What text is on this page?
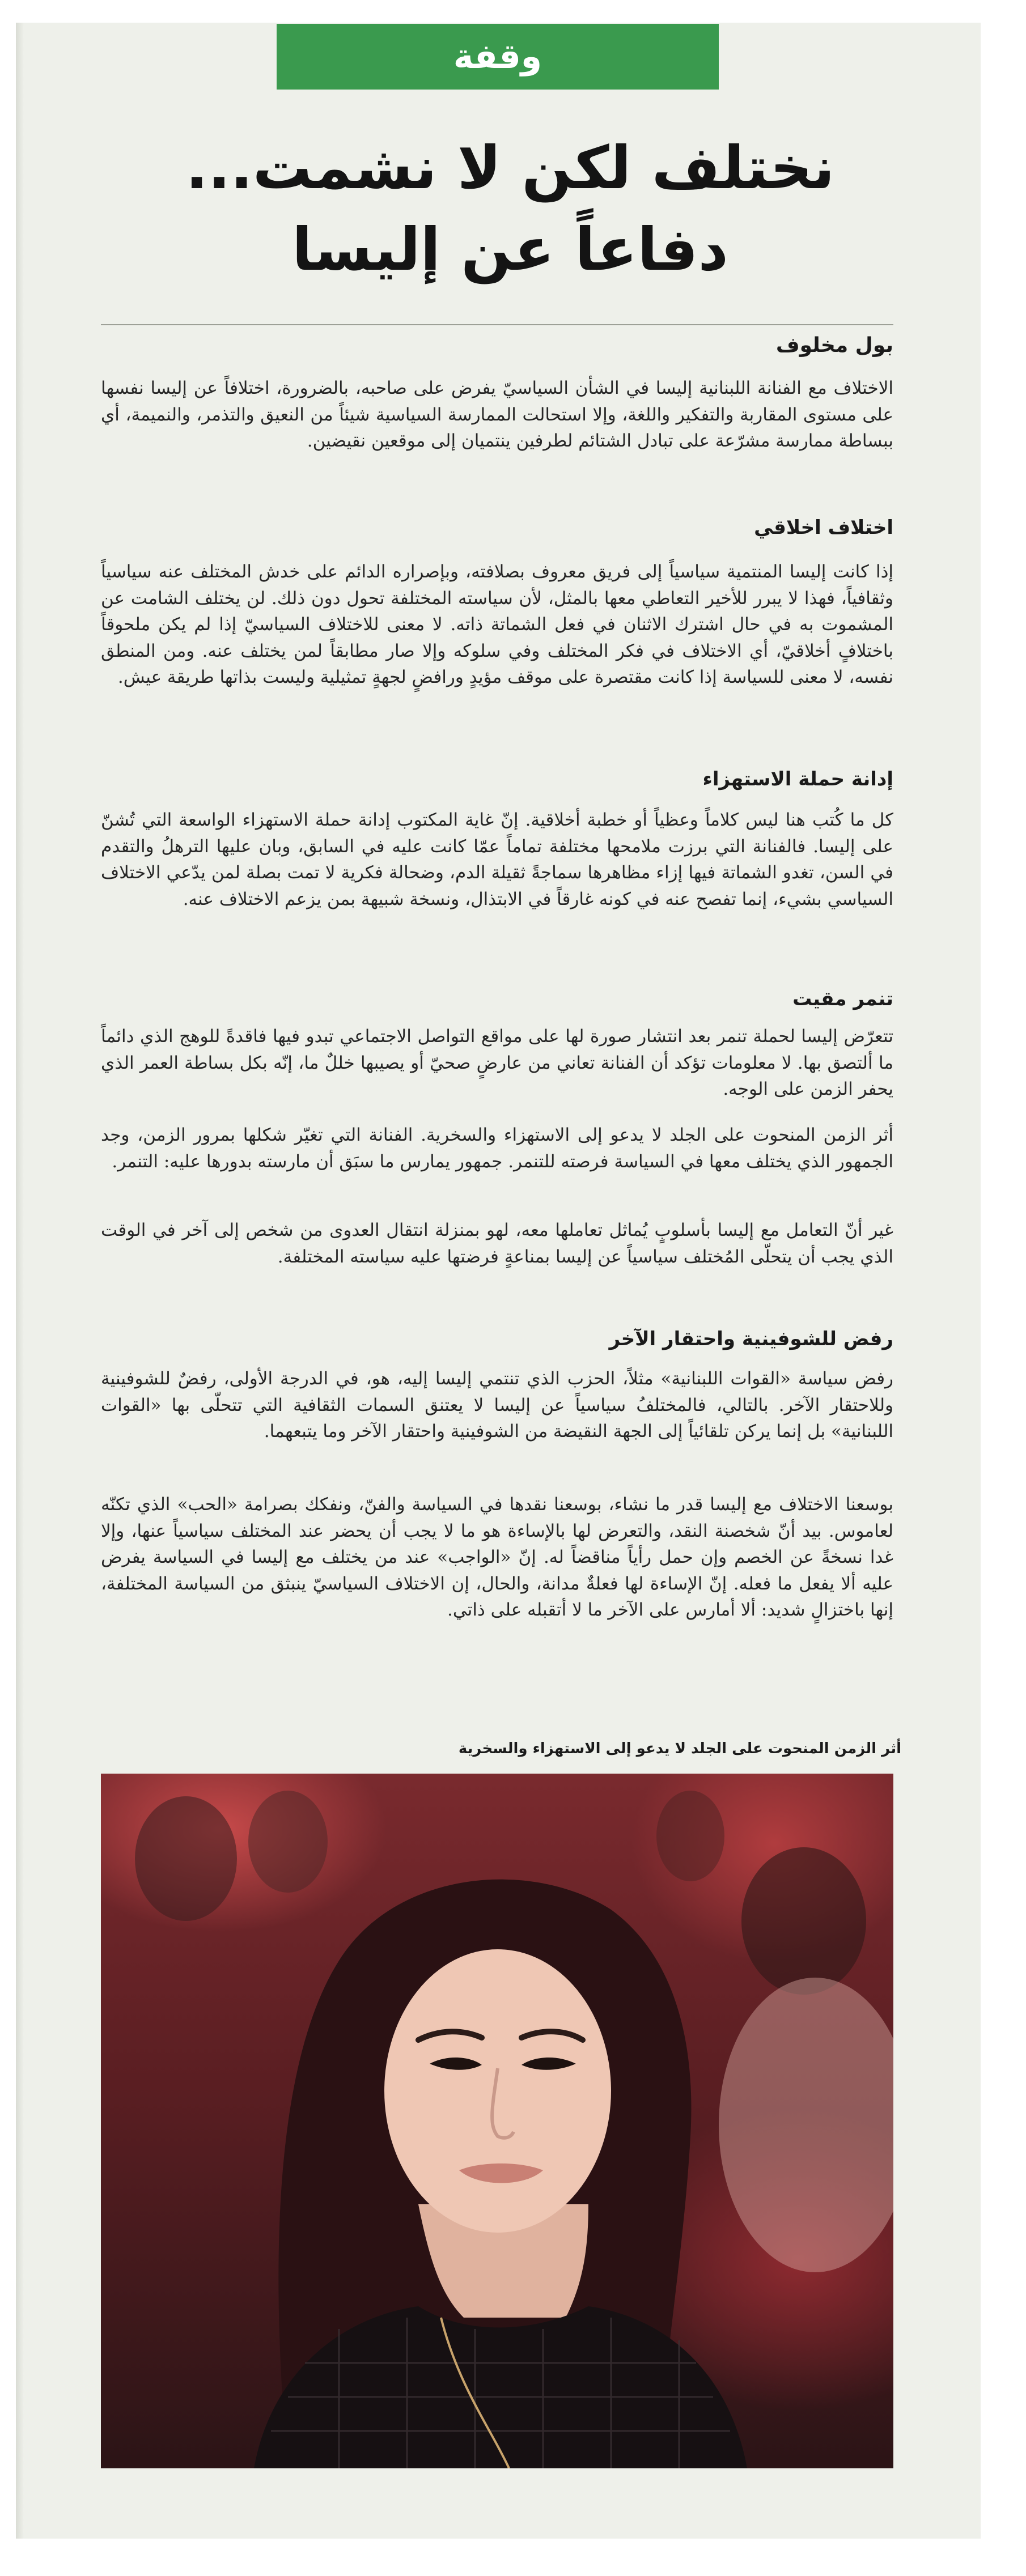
وقفة
نختلف لكن لا نشمت...
دفاعاً عن إليسا
بول مخلوف

الاختلاف مع الفنانة اللبنانية إليسا في الشأن السياسيّ يفرض على صاحبه، بالضرورة، اختلافاً عن إليسا نفسها على مستوى المقاربة والتفكير واللغة، وإلا استحالت الممارسة السياسية شيئاً من النعيق والتذمر، والنميمة، أي ببساطة ممارسة مشرّعة على تبادل الشتائم لطرفين ينتميان إلى موقعين نقيضين.

اختلاف اخلاقي

إذا كانت إليسا المنتمية سياسياً إلى فريق معروف بصلافته، وبإصراره الدائم على خدش المختلف عنه سياسياً وثقافياً، فهذا لا يبرر للأخير التعاطي معها بالمثل، لأن سياسته المختلفة تحول دون ذلك. لن يختلف الشامت عن المشموت به في حال اشترك الاثنان في فعل الشماتة ذاته. لا معنى للاختلاف السياسيّ إذا لم يكن ملحوقاً باختلافٍ أخلاقيّ، أي الاختلاف في فكر المختلف وفي سلوكه وإلا صار مطابقاً لمن يختلف عنه. ومن المنطق نفسه، لا معنى للسياسة إذا كانت مقتصرة على موقف مؤيدٍ ورافضٍ لجهةٍ تمثيلية وليست بذاتها طريقة عيش.

إدانة حملة الاستهزاء

كل ما كُتب هنا ليس كلاماً وعظياً أو خطبة أخلاقية. إنّ غاية المكتوب إدانة حملة الاستهزاء الواسعة التي تُشنّ على إليسا. فالفنانة التي برزت ملامحها مختلفة تماماً عمّا كانت عليه في السابق، وبان عليها الترهلُ والتقدم في السن، تغدو الشماتة فيها إزاء مظاهرها سماجةً ثقيلة الدم، وضحالة فكرية لا تمت بصلة لمن يدّعي الاختلاف السياسي بشيء، إنما تفصح عنه في كونه غارقاً في الابتذال، ونسخة شبيهة بمن يزعم الاختلاف عنه.

تنمر مقيت

تتعرّض إليسا لحملة تنمر بعد انتشار صورة لها على مواقع التواصل الاجتماعي تبدو فيها فاقدةً للوهج الذي دائماً ما ألتصق بها. لا معلومات تؤكد أن الفنانة تعاني من عارضٍ صحيّ أو يصيبها خللٌ ما، إنّه بكل بساطة العمر الذي يحفر الزمن على الوجه.

أثر الزمن المنحوت على الجلد لا يدعو إلى الاستهزاء والسخرية. الفنانة التي تغيّر شكلها بمرور الزمن، وجد الجمهور الذي يختلف معها في السياسة فرصته للتنمر. جمهور يمارس ما سبَق أن مارسته بدورها عليه: التنمر.

غير أنّ التعامل مع إليسا بأسلوبٍ يُماثل تعاملها معه، لهو بمنزلة انتقال العدوى من شخص إلى آخر في الوقت الذي يجب أن يتحلّى المُختلف سياسياً عن إليسا بمناعةٍ فرضتها عليه سياسته المختلفة.

رفض للشوفينية واحتقار الآخر

رفض سياسة «القوات اللبنانية» مثلاً، الحزب الذي تنتمي إليسا إليه، هو، في الدرجة الأولى، رفضٌ للشوفينية وللاحتقار الآخر. بالتالي، فالمختلفُ سياسياً عن إليسا لا يعتنق السمات الثقافية التي تتحلّى بها «القوات اللبنانية» بل إنما يركن تلقائياً إلى الجهة النقيضة من الشوفينية واحتقار الآخر وما يتبعهما.

بوسعنا الاختلاف مع إليسا قدر ما نشاء، بوسعنا نقدها في السياسة والفنّ، ونفكك بصرامة «الحب» الذي تكنّه لعاموس. بيد أنّ شخصنة النقد، والتعرض لها بالإساءة هو ما لا يجب أن يحضر عند المختلف سياسياً عنها، وإلا غدا نسخةً عن الخصم وإن حمل رأياً مناقضاً له. إنّ «الواجب» عند من يختلف مع إليسا في السياسة يفرض عليه ألا يفعل ما فعله. إنّ الإساءة لها فعلةٌ مدانة، والحال، إن الاختلاف السياسيّ ينبثق من السياسة المختلفة، إنها باختزالٍ شديد: ألا أمارس على الآخر ما لا أتقبله على ذاتي.

أثر الزمن المنحوت على الجلد لا يدعو إلى الاستهزاء والسخرية
